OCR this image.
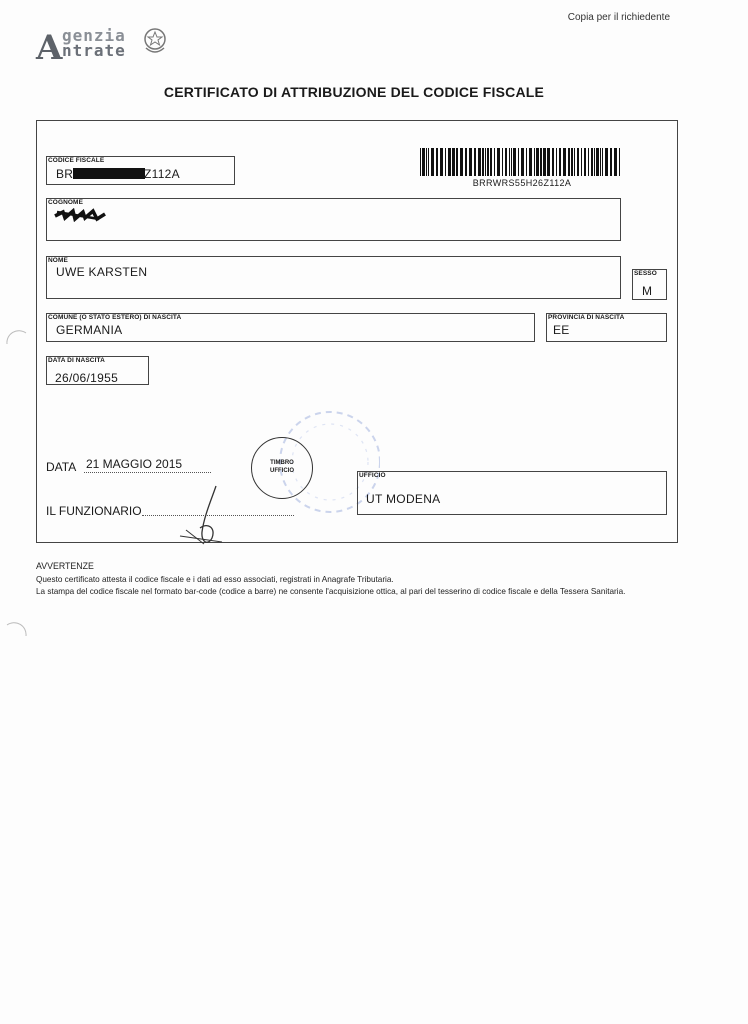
Copia per il richiedente
A genzia
ntrate
CERTIFICATO DI ATTRIBUZIONE DEL CODICE FISCALE
CODICE FISCALE
BR	Z112A
BRRWRS55H26Z112A
COGNOME
NOME
UWE KARSTEN	SESSO
M
COMUNE (O STATO ESTERO) DI NASCITA
GERMANIA
PROVINCIA DI NASCITA
EE
DATA DI NASCITA
26/06/1955
DATA 21 MAGGIO 2015	TIMBRO
UFFICIO
UFFICIO
UT MODENA
IL FUNZIONARIO
AVVERTENZE
Questo certificato attesta il codice fiscale e i dati ad esso associati, registrati in Anagrafe Tributaria.
La stampa del codice fiscale nel formato bar-code (codice a barre) ne consente l'acquisizione ottica, al pari del tesserino di codice fiscale e della Tessera Sanitaria.
